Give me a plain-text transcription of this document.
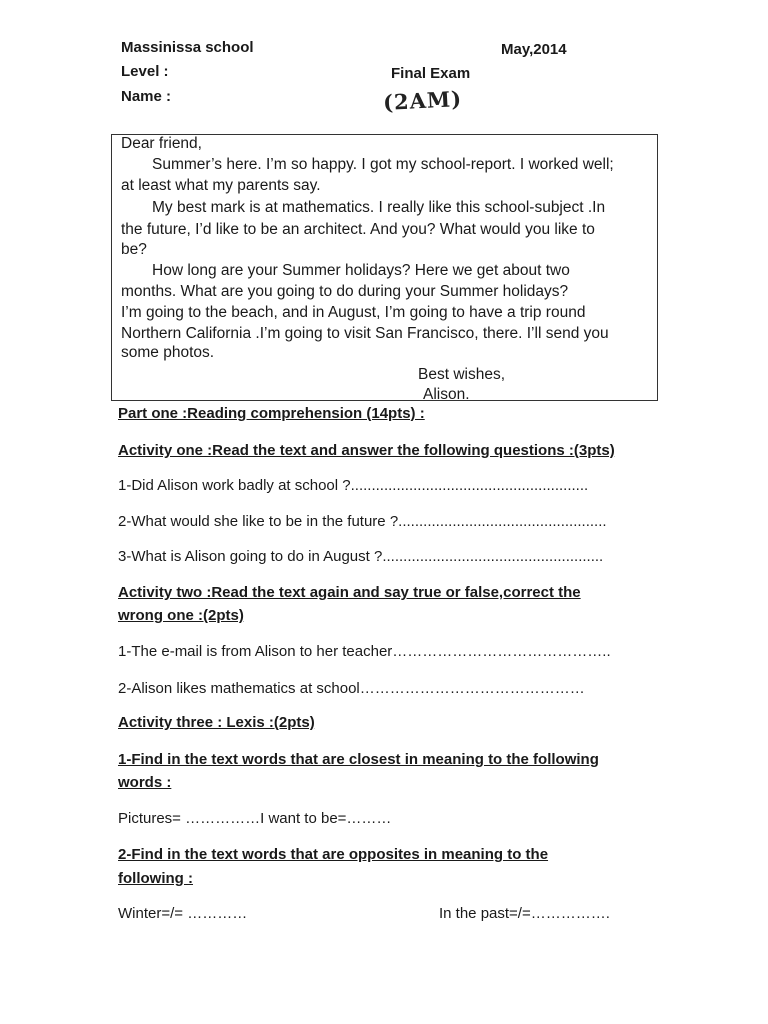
Massinissa school
Level :
Name :
May,2014
Final Exam
(2AM)
Dear friend,
Summer’s here. I’m so happy. I got my school-report. I worked well;
at least what my parents say.
My best mark is at mathematics. I really like this school-subject .In
the future, I’d like to be an architect. And you? What would you like to
be?
How long are your Summer holidays? Here we get about two
months. What are you going to do during your Summer holidays?
I’m going to the beach, and in August, I’m going to have a trip round
Northern California .I’m going to visit San Francisco, there. I’ll send you
some photos.
Best wishes,
Alison.
Part one :Reading comprehension (14pts) :
Activity one :Read the text and answer the following questions :(3pts)
1-Did Alison work badly at school ?.........................................................
2-What would she like to be in the future ?..................................................
3-What is Alison going to do in August ?.....................................................
Activity two :Read the text again and say true or false,correct the
wrong one :(2pts)
1-The e-mail is from Alison to her teacher……………………………………..
2-Alison likes mathematics at school………………………………………
Activity three : Lexis :(2pts)
1-Find in the text words that are closest in meaning to the following
words :
Pictures= ……………I want to be=………
2-Find in the text words that are opposites in meaning to the
following :
Winter=/= …………	In the past=/=…………….
